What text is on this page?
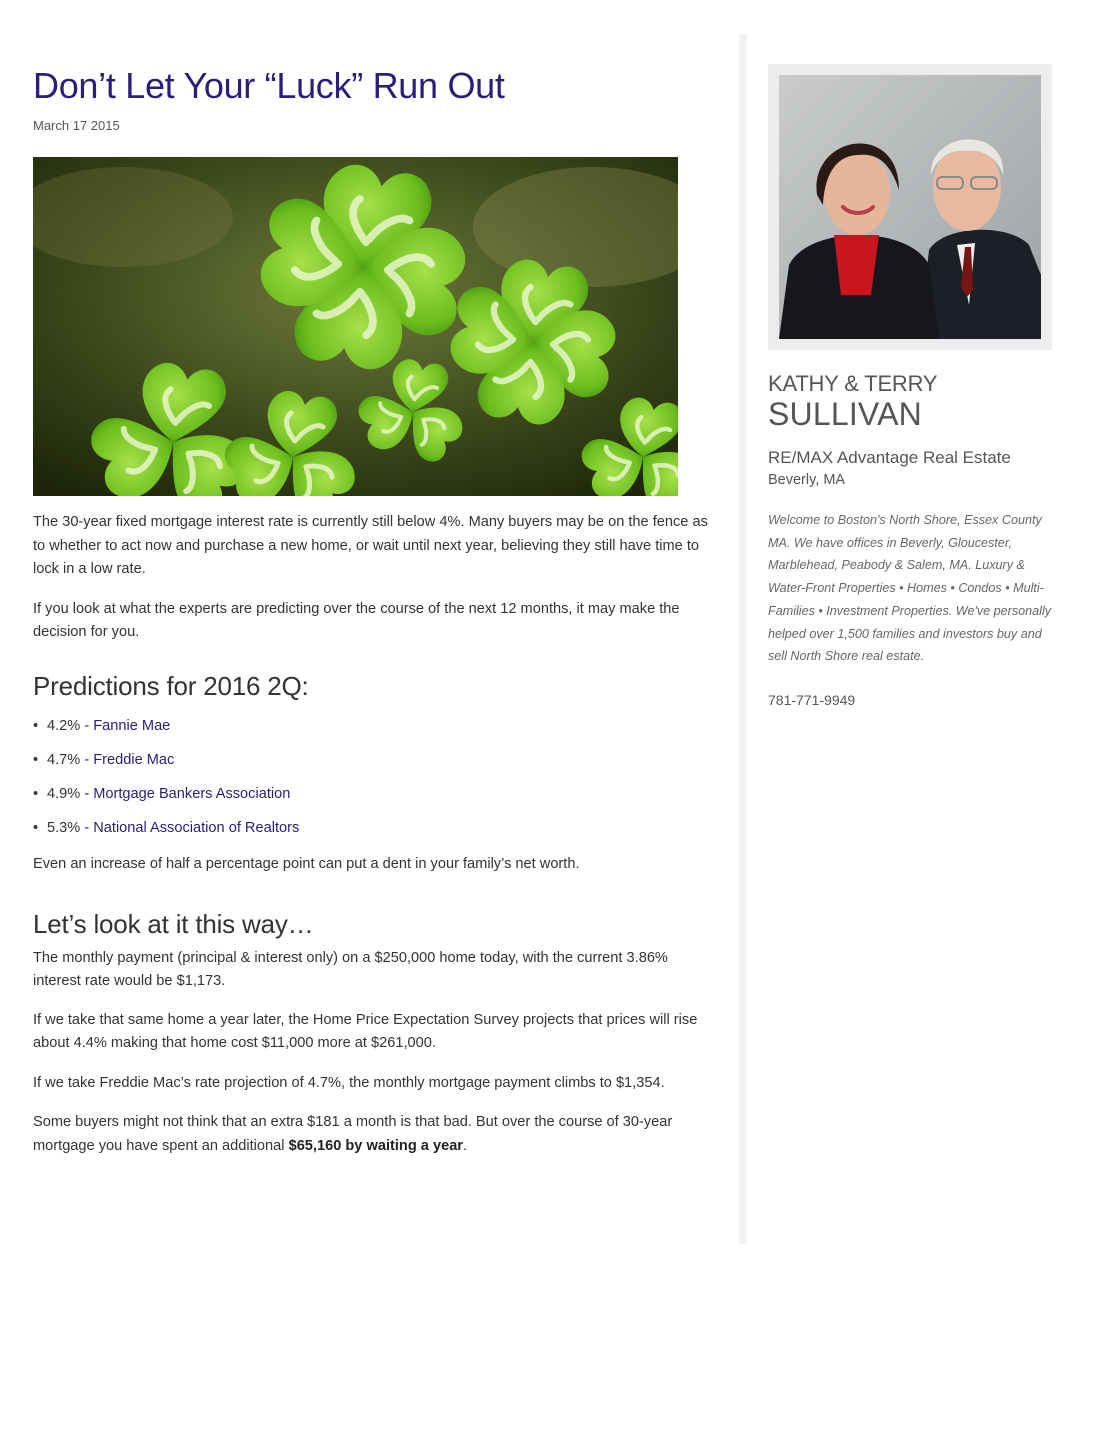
Don’t Let Your “Luck” Run Out
March 17 2015

The 30-year fixed mortgage interest rate is currently still below 4%. Many buyers may be on the fence as to whether to act now and purchase a new home, or wait until next year, believing they still have time to lock in a low rate.

If you look at what the experts are predicting over the course of the next 12 months, it may make the decision for you.

Predictions for 2016 2Q:
• 4.2% - Fannie Mae
• 4.7% - Freddie Mac
• 4.9% - Mortgage Bankers Association
• 5.3% - National Association of Realtors

Even an increase of half a percentage point can put a dent in your family’s net worth.

Let’s look at it this way…

The monthly payment (principal & interest only) on a $250,000 home today, with the current 3.86% interest rate would be $1,173.

If we take that same home a year later, the Home Price Expectation Survey projects that prices will rise about 4.4% making that home cost $11,000 more at $261,000.

If we take Freddie Mac’s rate projection of 4.7%, the monthly mortgage payment climbs to $1,354.

Some buyers might not think that an extra $181 a month is that bad. But over the course of 30-year mortgage you have spent an additional $65,160 by waiting a year.

KATHY & TERRY
SULLIVAN
RE/MAX Advantage Real Estate
Beverly, MA
Welcome to Boston's North Shore, Essex County MA. We have offices in Beverly, Gloucester, Marblehead, Peabody & Salem, MA. Luxury & Water-Front Properties • Homes • Condos • Multi-Families • Investment Properties. We've personally helped over 1,500 families and investors buy and sell North Shore real estate.
781-771-9949
